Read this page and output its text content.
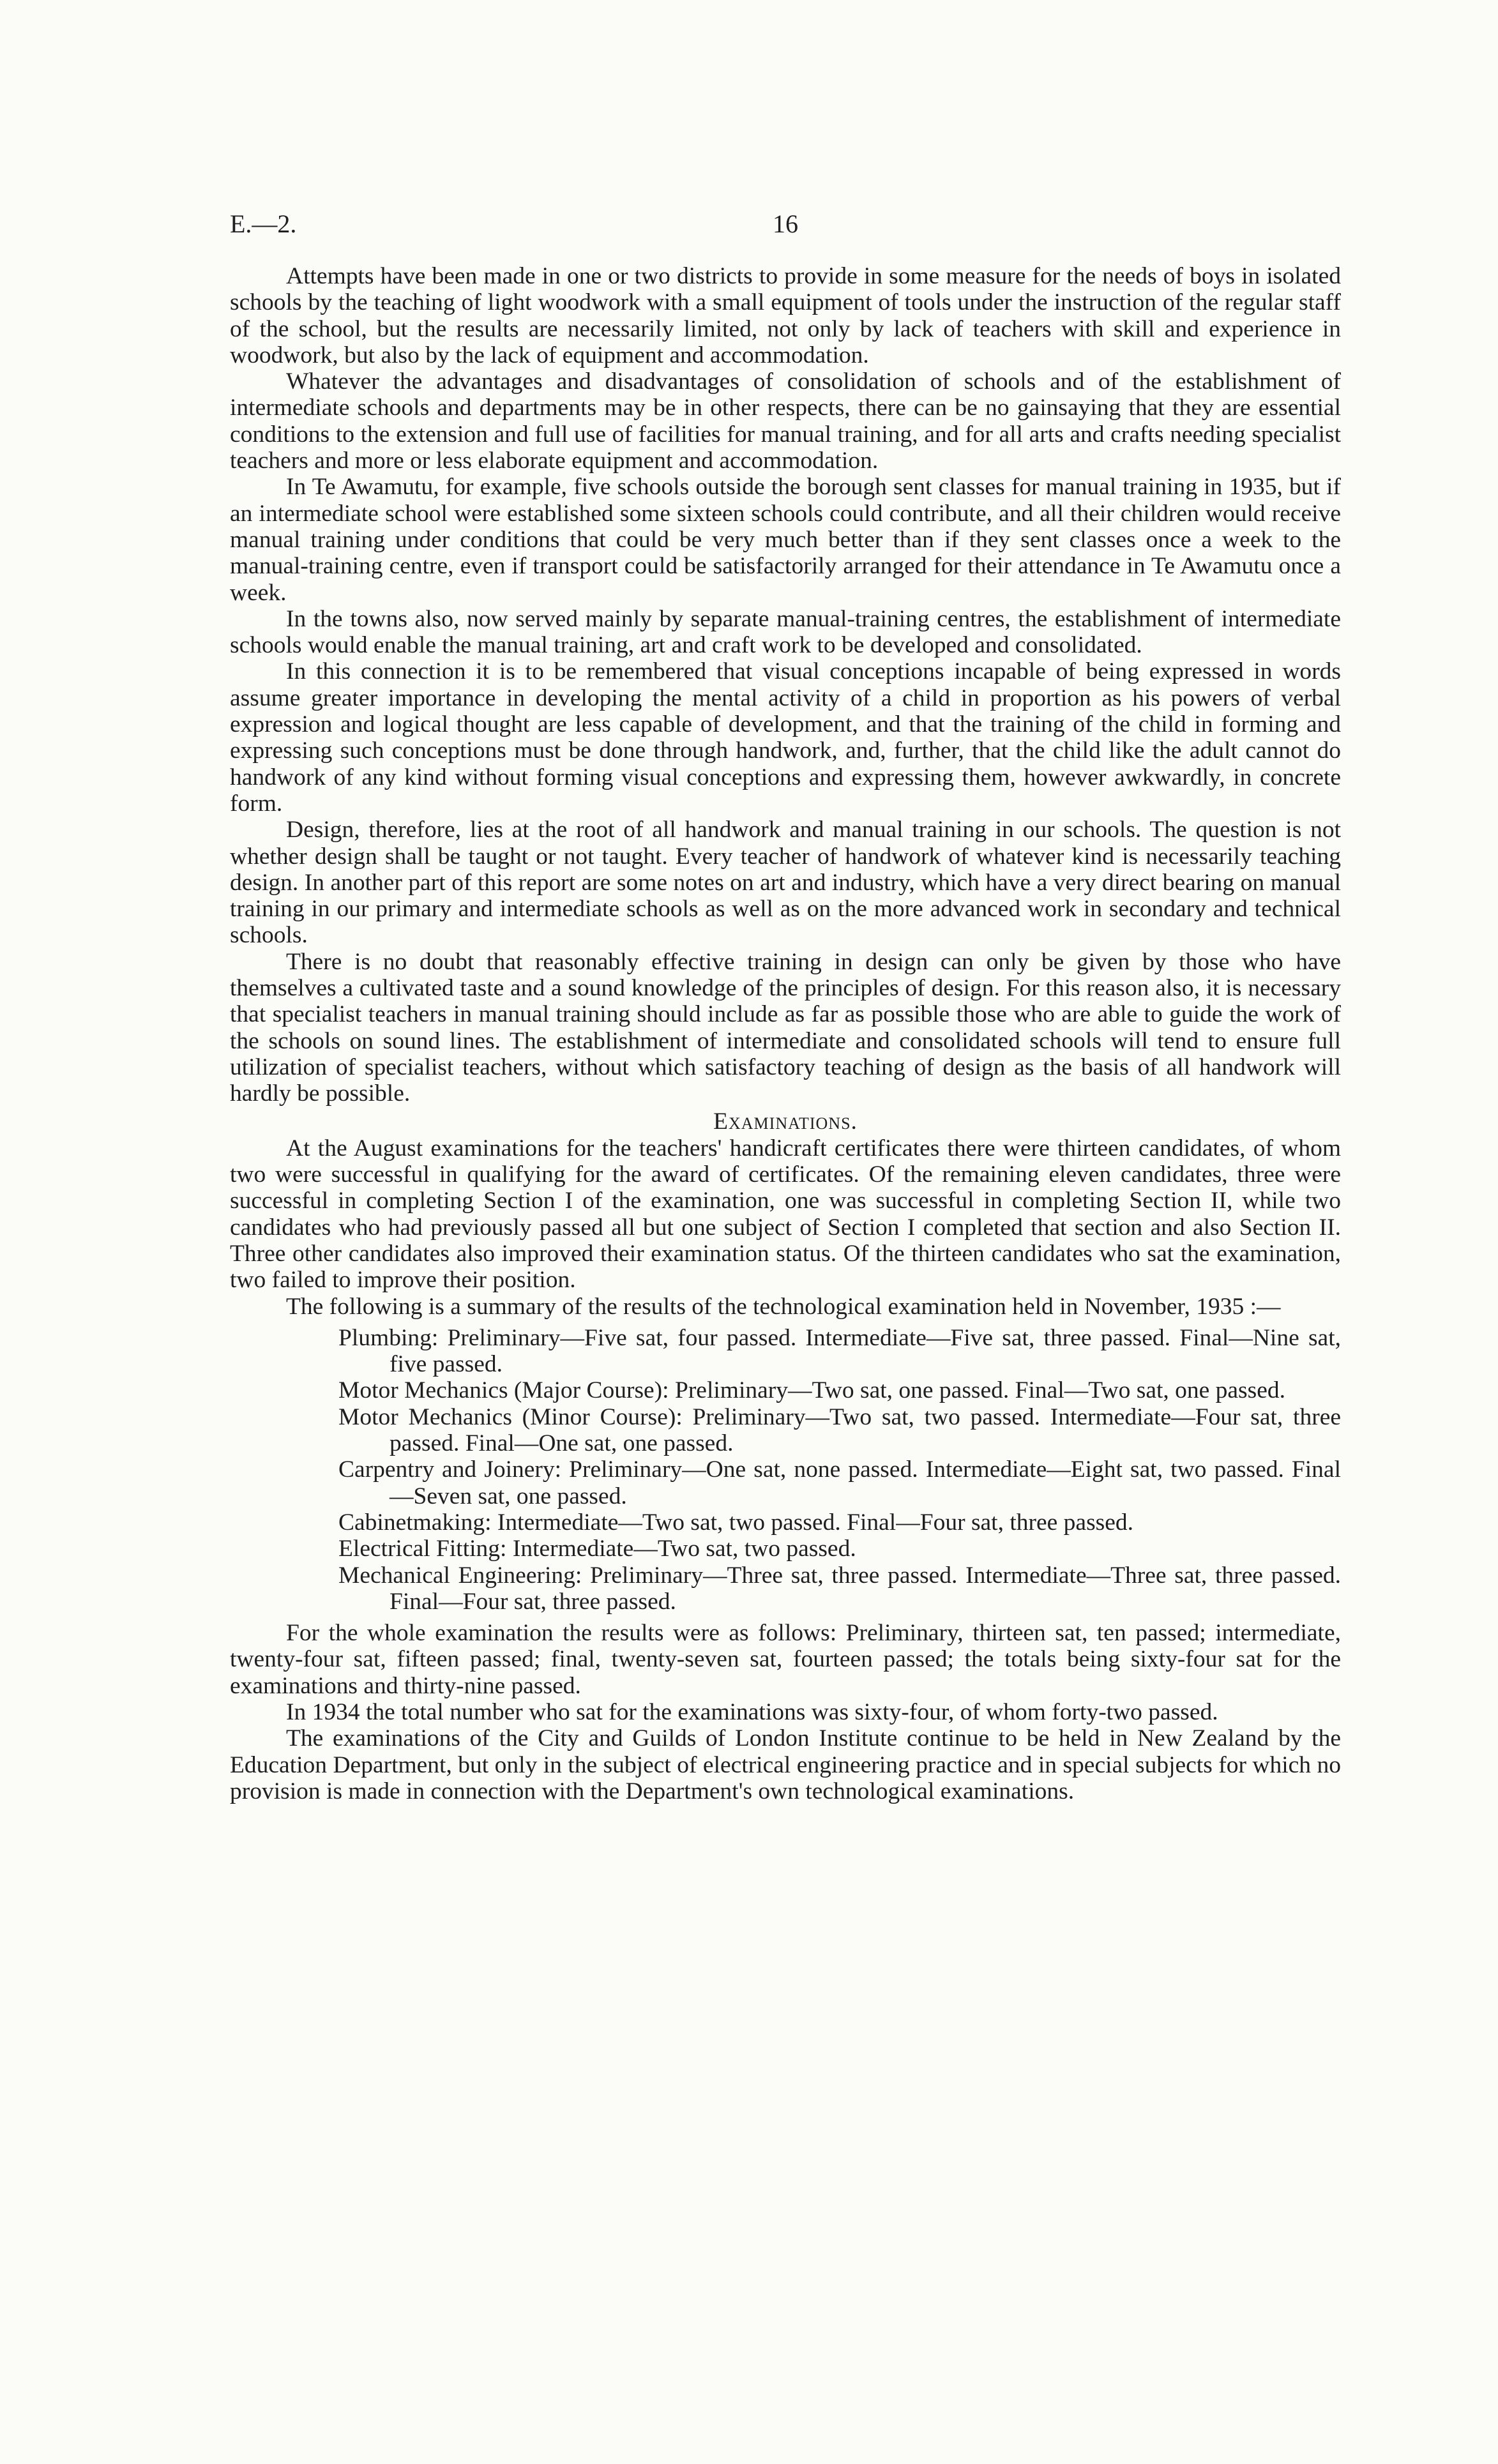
E.—2.	16

Attempts have been made in one or two districts to provide in some measure for the needs of boys in isolated schools by the teaching of light woodwork with a small equipment of tools under the instruction of the regular staff of the school, but the results are necessarily limited, not only by lack of teachers with skill and experience in woodwork, but also by the lack of equipment and accommodation.

Whatever the advantages and disadvantages of consolidation of schools and of the establishment of intermediate schools and departments may be in other respects, there can be no gainsaying that they are essential conditions to the extension and full use of facilities for manual training, and for all arts and crafts needing specialist teachers and more or less elaborate equipment and accommodation.

In Te Awamutu, for example, five schools outside the borough sent classes for manual training in 1935, but if an intermediate school were established some sixteen schools could contribute, and all their children would receive manual training under conditions that could be very much better than if they sent classes once a week to the manual-training centre, even if transport could be satisfactorily arranged for their attendance in Te Awamutu once a week.

In the towns also, now served mainly by separate manual-training centres, the establishment of intermediate schools would enable the manual training, art and craft work to be developed and consolidated.

In this connection it is to be remembered that visual conceptions incapable of being expressed in words assume greater importance in developing the mental activity of a child in proportion as his powers of verbal expression and logical thought are less capable of development, and that the training of the child in forming and expressing such conceptions must be done through handwork, and, further, that the child like the adult cannot do handwork of any kind without forming visual conceptions and expressing them, however awkwardly, in concrete form.

Design, therefore, lies at the root of all handwork and manual training in our schools. The question is not whether design shall be taught or not taught. Every teacher of handwork of whatever kind is necessarily teaching design. In another part of this report are some notes on art and industry, which have a very direct bearing on manual training in our primary and intermediate schools as well as on the more advanced work in secondary and technical schools.

There is no doubt that reasonably effective training in design can only be given by those who have themselves a cultivated taste and a sound knowledge of the principles of design. For this reason also, it is necessary that specialist teachers in manual training should include as far as possible those who are able to guide the work of the schools on sound lines. The establishment of intermediate and consolidated schools will tend to ensure full utilization of specialist teachers, without which satisfactory teaching of design as the basis of all handwork will hardly be possible.

Examinations.

At the August examinations for the teachers' handicraft certificates there were thirteen candidates, of whom two were successful in qualifying for the award of certificates. Of the remaining eleven candidates, three were successful in completing Section I of the examination, one was successful in completing Section II, while two candidates who had previously passed all but one subject of Section I completed that section and also Section II. Three other candidates also improved their examination status. Of the thirteen candidates who sat the examination, two failed to improve their position.

The following is a summary of the results of the technological examination held in November, 1935 :—

Plumbing: Preliminary—Five sat, four passed. Intermediate—Five sat, three passed. Final—Nine sat, five passed.
Motor Mechanics (Major Course): Preliminary—Two sat, one passed. Final—Two sat, one passed.
Motor Mechanics (Minor Course): Preliminary—Two sat, two passed. Intermediate—Four sat, three passed. Final—One sat, one passed.
Carpentry and Joinery: Preliminary—One sat, none passed. Intermediate—Eight sat, two passed. Final—Seven sat, one passed.
Cabinetmaking: Intermediate—Two sat, two passed. Final—Four sat, three passed.
Electrical Fitting: Intermediate—Two sat, two passed.
Mechanical Engineering: Preliminary—Three sat, three passed. Intermediate—Three sat, three passed. Final—Four sat, three passed.

For the whole examination the results were as follows: Preliminary, thirteen sat, ten passed; intermediate, twenty-four sat, fifteen passed; final, twenty-seven sat, fourteen passed; the totals being sixty-four sat for the examinations and thirty-nine passed.

In 1934 the total number who sat for the examinations was sixty-four, of whom forty-two passed.

The examinations of the City and Guilds of London Institute continue to be held in New Zealand by the Education Department, but only in the subject of electrical engineering practice and in special subjects for which no provision is made in connection with the Department's own technological examinations.
